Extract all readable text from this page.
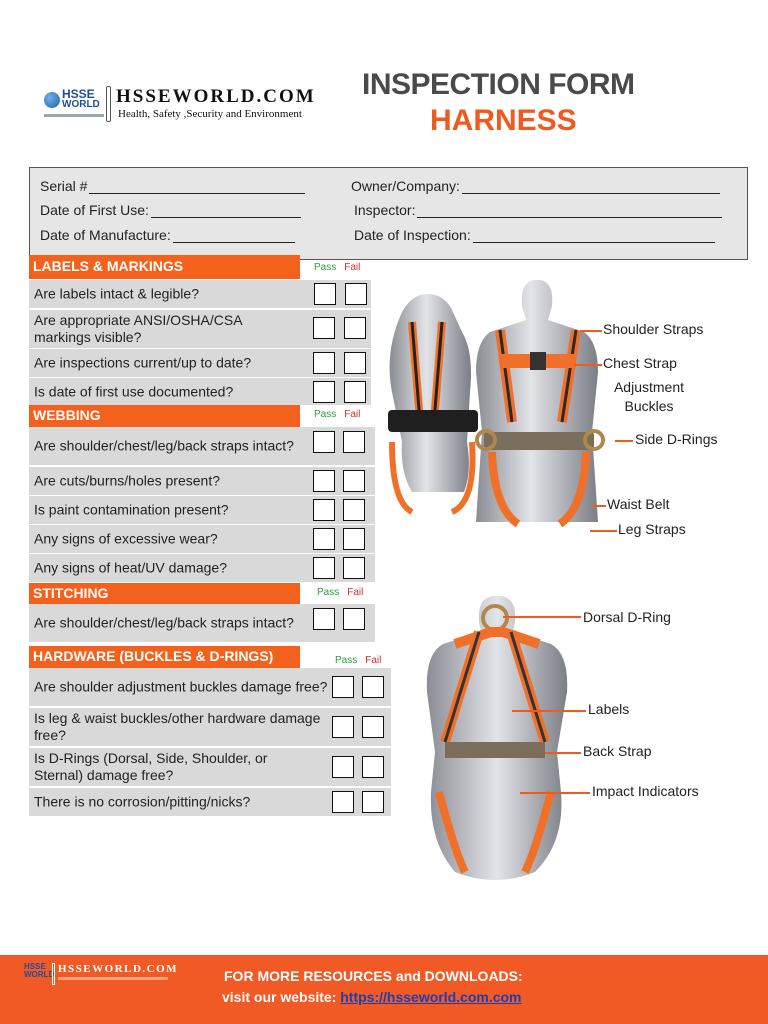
HSSE
WORLD HSSEWORLD.COM
Health, Safety ,Security and Environment
INSPECTION FORM
HARNESS
Serial #
Date of First Use:
Date of Manufacture:
Owner/Company:
Inspector:
Date of Inspection:
LABELS & MARKINGS	Pass Fail
Are labels intact & legible?
Are appropriate ANSI/OSHA/CSA markings visible?
Are inspections current/up to date?
Is date of first use documented?
WEBBING	Pass Fail
Are shoulder/chest/leg/back straps intact?
Are cuts/burns/holes present?
Is paint contamination present?
Any signs of excessive wear?
Any signs of heat/UV damage?
STITCHING	Pass Fail
Are shoulder/chest/leg/back straps intact?
HARDWARE (BUCKLES & D-RINGS)	Pass Fail
Are shoulder adjustment buckles damage free?
Is leg & waist buckles/other hardware damage free?
Is D-Rings (Dorsal, Side, Shoulder, or Sternal) damage free?
There is no corrosion/pitting/nicks?
Shoulder Straps
Chest Strap
Adjustment Buckles
Side D-Rings
Waist Belt
Leg Straps
Dorsal D-Ring
Labels
Back Strap
Impact Indicators
HSSE
WORLD HSSEWORLD.COM	FOR MORE RESOURCES and DOWNLOADS:
visit our website: https://hsseworld.com.com
